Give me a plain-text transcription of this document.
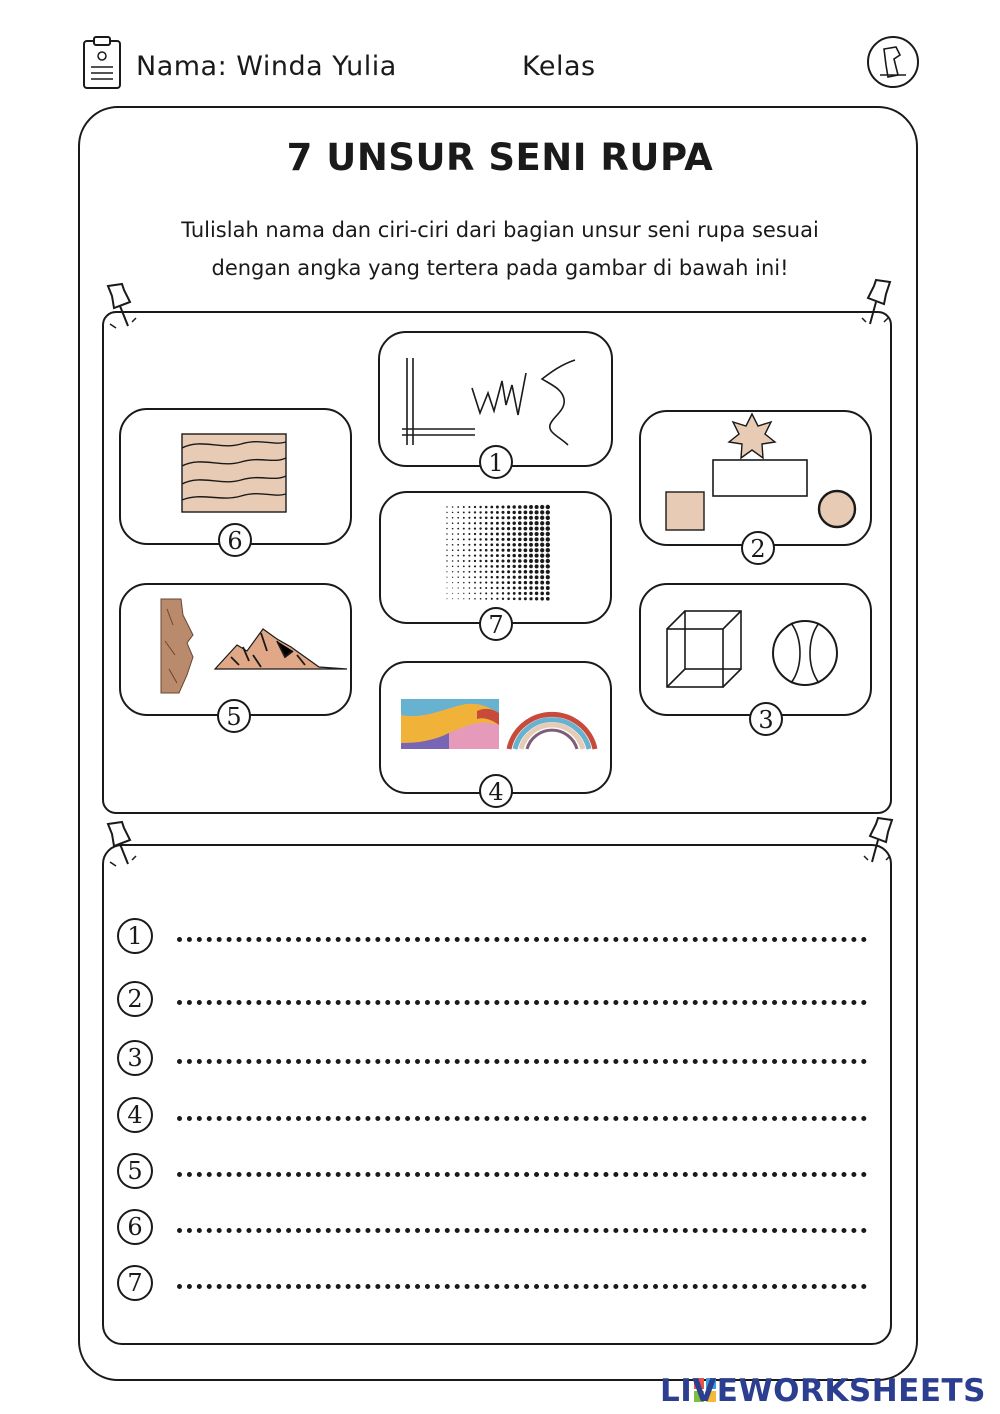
Nama: Winda Yulia	Kelas
7 UNSUR SENI RUPA
Tulislah nama dan ciri-ciri dari bagian unsur seni rupa sesuai
dengan angka yang tertera pada gambar di bawah ini!
1
6	2
7
5	3
4
1
2
3
4
5
6
7
LIVEWORKSHEETS
